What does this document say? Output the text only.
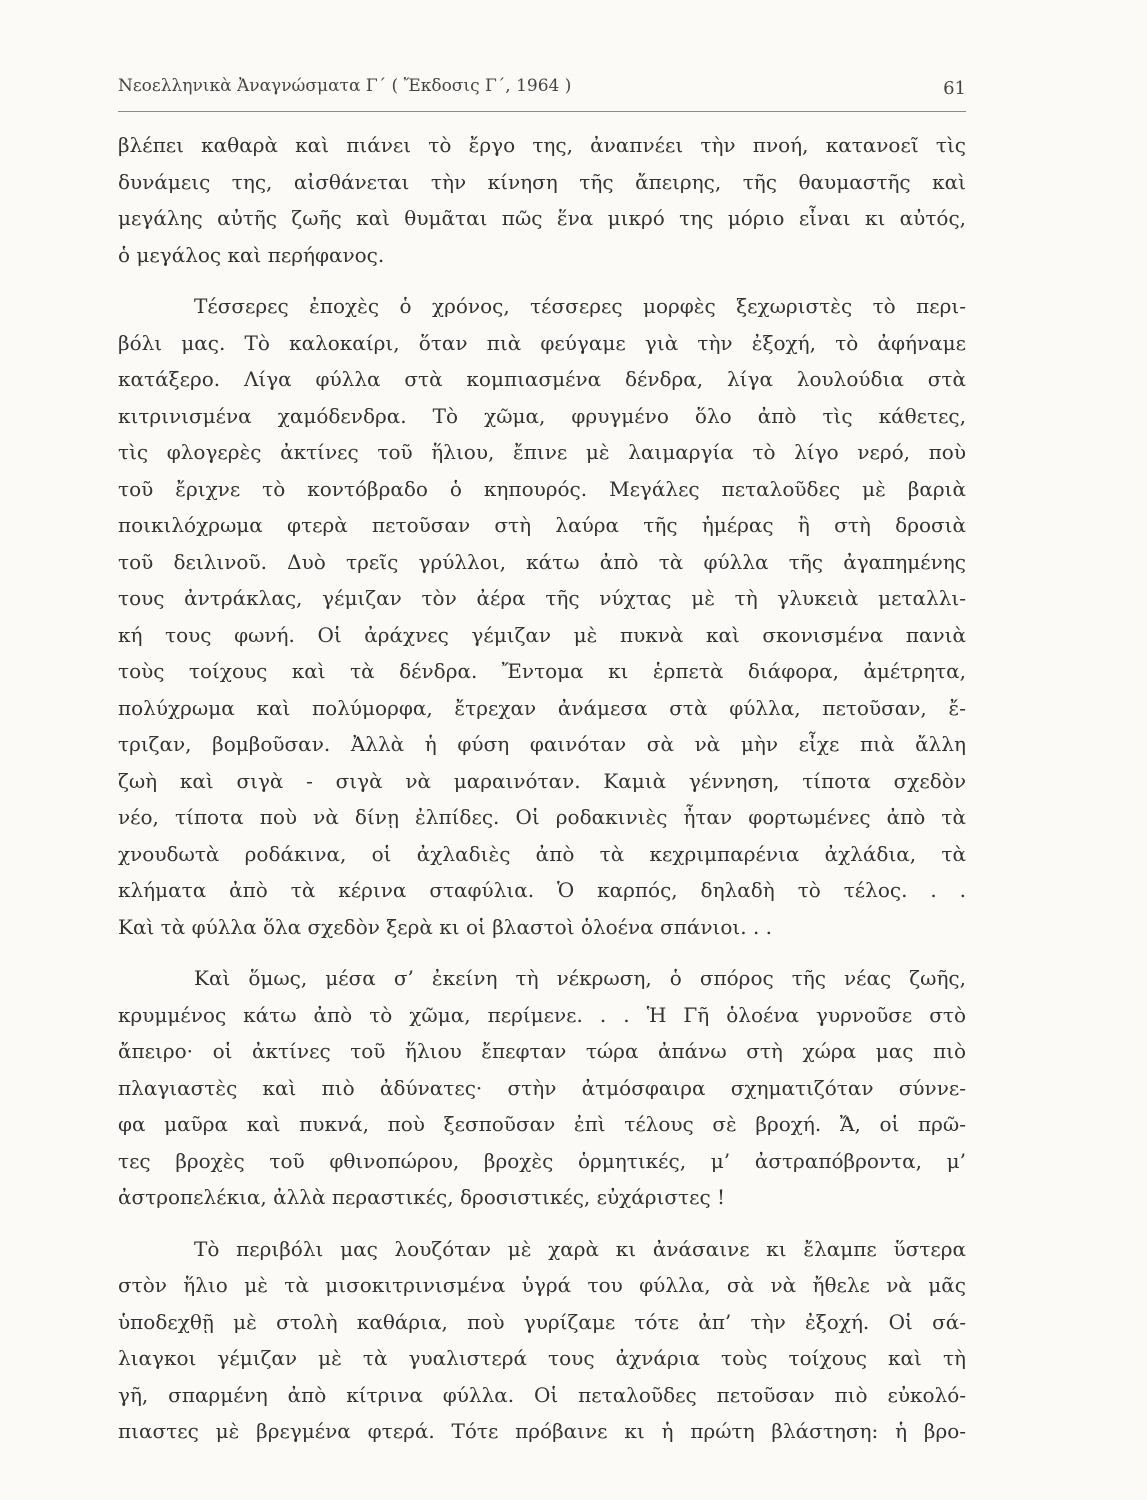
Νεοελληνικὰ Ἀναγνώσματα Γ΄ ( Ἔκδοσις Γ΄, 1964 )	61
βλέπει καθαρὰ καὶ πιάνει τὸ ἔργο της, ἀναπνέει τὴν πνοή, κατανοεῖ τὶς
δυνάμεις της, αἰσθάνεται τὴν κίνηση τῆς ἄπειρης, τῆς θαυμαστῆς καὶ
μεγάλης αὐτῆς ζωῆς καὶ θυμᾶται πῶς ἕνα μικρό της μόριο εἶναι κι αὐτός,
ὁ μεγάλος καὶ περήφανος.
Τέσσερες ἐποχὲς ὁ χρόνος, τέσσερες μορφὲς ξεχωριστὲς τὸ περι-
βόλι μας. Τὸ καλοκαίρι, ὅταν πιὰ φεύγαμε γιὰ τὴν ἐξοχή, τὸ ἀφήναμε
κατάξερο. Λίγα φύλλα στὰ κομπιασμένα δένδρα, λίγα λουλούδια στὰ
κιτρινισμένα χαμόδενδρα. Τὸ χῶμα, φρυγμένο ὅλο ἀπὸ τὶς κάθετες,
τὶς φλογερὲς ἀκτίνες τοῦ ἥλιου, ἔπινε μὲ λαιμαργία τὸ λίγο νερό, ποὺ
τοῦ ἔριχνε τὸ κοντόβραδο ὁ κηπουρός. Μεγάλες πεταλοῦδες μὲ βαριὰ
ποικιλόχρωμα φτερὰ πετοῦσαν στὴ λαύρα τῆς ἡμέρας ἢ στὴ δροσιὰ
τοῦ δειλινοῦ. Δυὸ τρεῖς γρύλλοι, κάτω ἀπὸ τὰ φύλλα τῆς ἀγαπημένης
τους ἀντράκλας, γέμιζαν τὸν ἀέρα τῆς νύχτας μὲ τὴ γλυκειὰ μεταλλι-
κή τους φωνή. Οἱ ἀράχνες γέμιζαν μὲ πυκνὰ καὶ σκονισμένα πανιὰ
τοὺς τοίχους καὶ τὰ δένδρα. Ἔντομα κι ἑρπετὰ διάφορα, ἀμέτρητα,
πολύχρωμα καὶ πολύμορφα, ἔτρεχαν ἀνάμεσα στὰ φύλλα, πετοῦσαν, ἔ-
τριζαν, βομβοῦσαν. Ἀλλὰ ἡ φύση φαινόταν σὰ νὰ μὴν εἶχε πιὰ ἄλλη
ζωὴ καὶ σιγὰ - σιγὰ νὰ μαραινόταν. Καμιὰ γέννηση, τίποτα σχεδὸν
νέο, τίποτα ποὺ νὰ δίνῃ ἐλπίδες. Οἱ ροδακινιὲς ἦταν φορτωμένες ἀπὸ τὰ
χνουδωτὰ ροδάκινα, οἱ ἀχλαδιὲς ἀπὸ τὰ κεχριμπαρένια ἀχλάδια, τὰ
κλήματα ἀπὸ τὰ κέρινα σταφύλια. Ὁ καρπός, δηλαδὴ τὸ τέλος. . .
Καὶ τὰ φύλλα ὅλα σχεδὸν ξερὰ κι οἱ βλαστοὶ ὁλοένα σπάνιοι. . .
Καὶ ὅμως, μέσα σ’ ἐκείνη τὴ νέκρωση, ὁ σπόρος τῆς νέας ζωῆς,
κρυμμένος κάτω ἀπὸ τὸ χῶμα, περίμενε. . . Ἡ Γῆ ὁλοένα γυρνοῦσε στὸ
ἄπειρο· οἱ ἀκτίνες τοῦ ἥλιου ἔπεφταν τώρα ἀπάνω στὴ χώρα μας πιὸ
πλαγιαστὲς καὶ πιὸ ἀδύνατες· στὴν ἀτμόσφαιρα σχηματιζόταν σύννε-
φα μαῦρα καὶ πυκνά, ποὺ ξεσποῦσαν ἐπὶ τέλους σὲ βροχή. Ἄ, οἱ πρῶ-
τες βροχὲς τοῦ φθινοπώρου, βροχὲς ὁρμητικές, μ’ ἀστραπόβροντα, μ’
ἀστροπελέκια, ἀλλὰ περαστικές, δροσιστικές, εὐχάριστες !
Τὸ περιβόλι μας λουζόταν μὲ χαρὰ κι ἀνάσαινε κι ἔλαμπε ὕστερα
στὸν ἥλιο μὲ τὰ μισοκιτρινισμένα ὑγρά του φύλλα, σὰ νὰ ἤθελε νὰ μᾶς
ὑποδεχθῇ μὲ στολὴ καθάρια, ποὺ γυρίζαμε τότε ἀπ’ τὴν ἐξοχή. Οἱ σά-
λιαγκοι γέμιζαν μὲ τὰ γυαλιστερά τους ἀχνάρια τοὺς τοίχους καὶ τὴ
γῆ, σπαρμένη ἀπὸ κίτρινα φύλλα. Οἱ πεταλοῦδες πετοῦσαν πιὸ εὐκολό-
πιαστες μὲ βρεγμένα φτερά. Τότε πρόβαινε κι ἡ πρώτη βλάστηση: ἡ βρο-
